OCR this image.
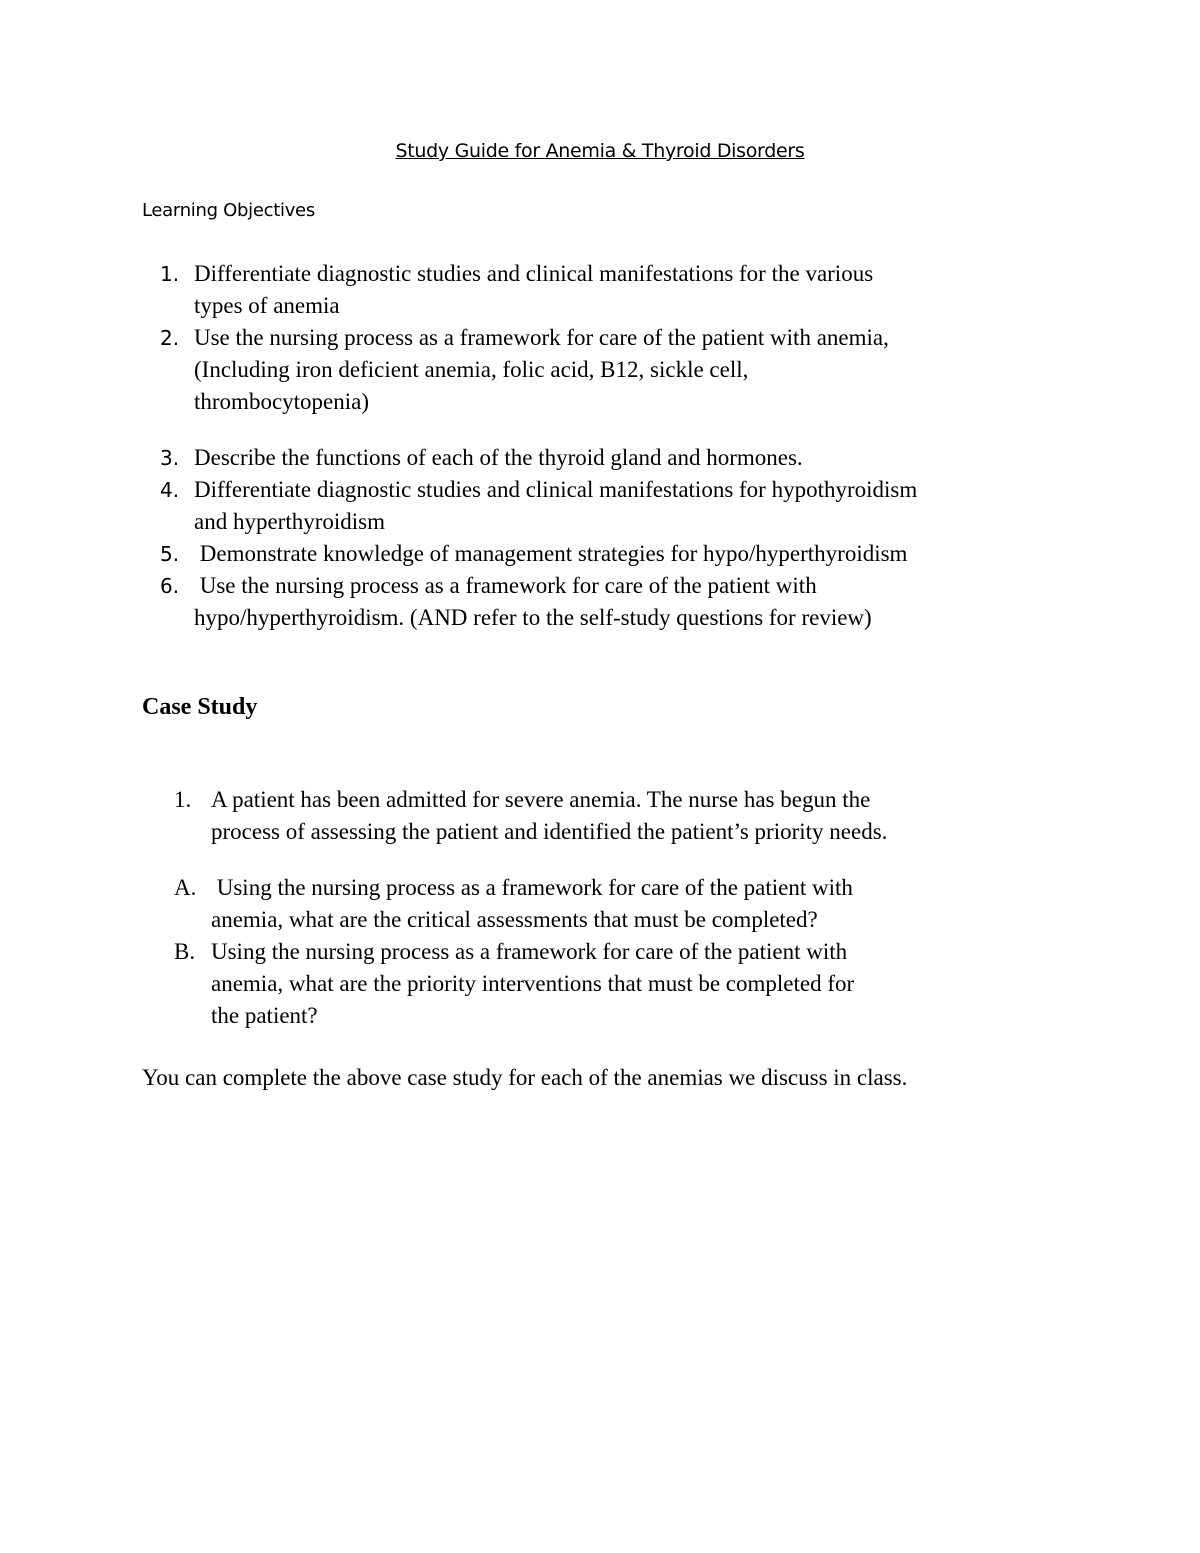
Study Guide for Anemia & Thyroid Disorders
Learning Objectives
1. Differentiate diagnostic studies and clinical manifestations for the various
types of anemia
2. Use the nursing process as a framework for care of the patient with anemia,
(Including iron deficient anemia, folic acid, B12, sickle cell,
thrombocytopenia)
3. Describe the functions of each of the thyroid gland and hormones.
4. Differentiate diagnostic studies and clinical manifestations for hypothyroidism
and hyperthyroidism
5. Demonstrate knowledge of management strategies for hypo/hyperthyroidism
6. Use the nursing process as a framework for care of the patient with
hypo/hyperthyroidism. (AND refer to the self-study questions for review)
Case Study
1. A patient has been admitted for severe anemia. The nurse has begun the
process of assessing the patient and identified the patient’s priority needs.
A. Using the nursing process as a framework for care of the patient with
anemia, what are the critical assessments that must be completed?
B. Using the nursing process as a framework for care of the patient with
anemia, what are the priority interventions that must be completed for
the patient?
You can complete the above case study for each of the anemias we discuss in class.
